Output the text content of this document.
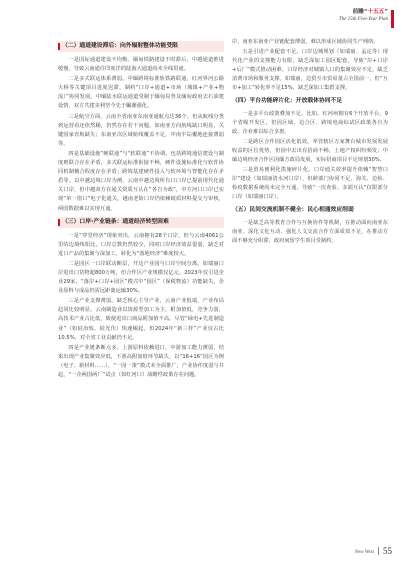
前瞻“十五五”
The 15th Five-Year Plan
（二）通道建设滞后：向外辐射整体功能受限

一是国际通道建设不均衡。缅甸铁路建设不时滞后，中越通道推进缓慢，导致云南通往印度洋的陆海大通道尚未全线贯通。

二是多式联运体系薄弱。中缅跨境标准轨铁路联通，红河界河公路大桥等关键项目进度迟滞，制约“口岸+通道+市场（城镇+产业+物流）”协同发展。中缅陆水联运通道受制于缅甸局势及缅甸政府去石油建设情，双方共建美利坚今先于瞩潮强化。

三是航空方面，云南全省南亚东南亚通航点达36个，但从航线分类到运营看还依然稀，仍然存在若干问题，如南亚方向航线缺口明显，关键国家直航缺失；东南亚次区域航线覆盖不足，中南半岛覆地连接薄弱等。

四是基础设施“硬联通”与“软联通”不协调。包括跨境通信建设与制度则联合存在矛盾，多式联运标准衔接不畅，硬件设施标准化与软件协同机制耦合程度存在矛盾；跨境基建硬件投入与软环境与智能化存在矛盾等。以中越边境口岸为例，云南中越边境所有口口岸已提前现代化通关口岸，但中越双方在通关资质互认在“各自为政”，中方河口口岸已实现“单一窗口”电子化通关，越南老街口岸仍依赖纸质材料提交与审核，两国数据难以实现互通。

（三）口岸-产业链条：通道经济转型困难

一是“穿堂经济”现象突出。云南拥有28个口岸，但与云南4061公里的边境线相比，口岸总数仍然较少，同时口岸经济效益很弱，缺乏对进口产品的集聚与深加工，转化为“落地经济”难度较大。

二是园区一口岸联动断层，开边产业园与口岸空间分离。如瑞丽口岸进出口货物超800万吨，但合作区产业规模仅亿元。2023年仅引进企业29家，“落岸+口岸+园区”模式中“园区”（保税物流）功能缺失，企业原料与成品仍需远距离运输30%。

三是产业支撑薄弱。缺乏核心主导产业，云南产业低端，产业布局趋同比较明显，云南制造业以资源型加工为主，附加值低，竞争力弱，高技术产业占比低，致使进出口商品附加值不高。尽管“绿电+先进制造业”（如硅冶炼、硅光伏）快速崛起，但2024年“新三样”产业仅占比10.5%，对全省工业贡献仍不足。

四是产业链条断点多，上游原料依赖进口，中游加工能力薄弱，结果出现产业集聚效应低，下游高附加值环节缺失。以“16+16”园区为例（电子、新材料……），“一园一策”模式未全面推广，产业协作度弱与并起，“一企两国两厂”试点（如红河口）战略性政策存在问题。

岸，南亚东南亚产业链配套薄弱，难以形成区域协同生产网络。

五是引进产业配套不足。口岸边城规划（如瑞丽、孟定等）现代化产业的支撑能力有限，缺乏深加工园区配套，导致“岸+口岸+后厂”模式推动困难。口岸经济对城镇人口的集聚效应不足，缺乏消费市场和服务支撑。如瑞丽，边贸互市贸易量占全国前一，但“互市+加工”转化率不足15%，缺乏深加工集群支撑。

（四）平台功能碎片化：开放载体协同不足

一是多平台政策叠加不足。比如，红河州拥有6个开放平台，9个省级开发区，但因区域、边合区、跨境电商综试区政策各自为政，企业难以综合享惠。

二是跨区合作园区活化低效。率管辖区万家舞台城市发展发展收益的区位优势，但园中去出有招商不畅，土地产权纠纷频发；中缅边境经济合作区因缅方政局发展，实际招商项目不足规划30%。

三是贸易便利化措施碎片化。口岸通关效率提升依赖“智慧口岸”建设（如瑞丽清水河口岸），但跨部门协同不足，海关、边检、检疫数据系统尚未完全互通，导致“一次查验、多端互认”仅限部分口岸（如瑞丽口岸）。

（五）民间交流机制不健全：民心相通效应削弱

一是缺乏高等教育合作与互换协作等机制，在推动面向南亚东南亚、深化文化互动、强化人文交流合作方面成效不足，在推动方面不够充分阻滞，政府间留学生项目受制约。

New West 55
